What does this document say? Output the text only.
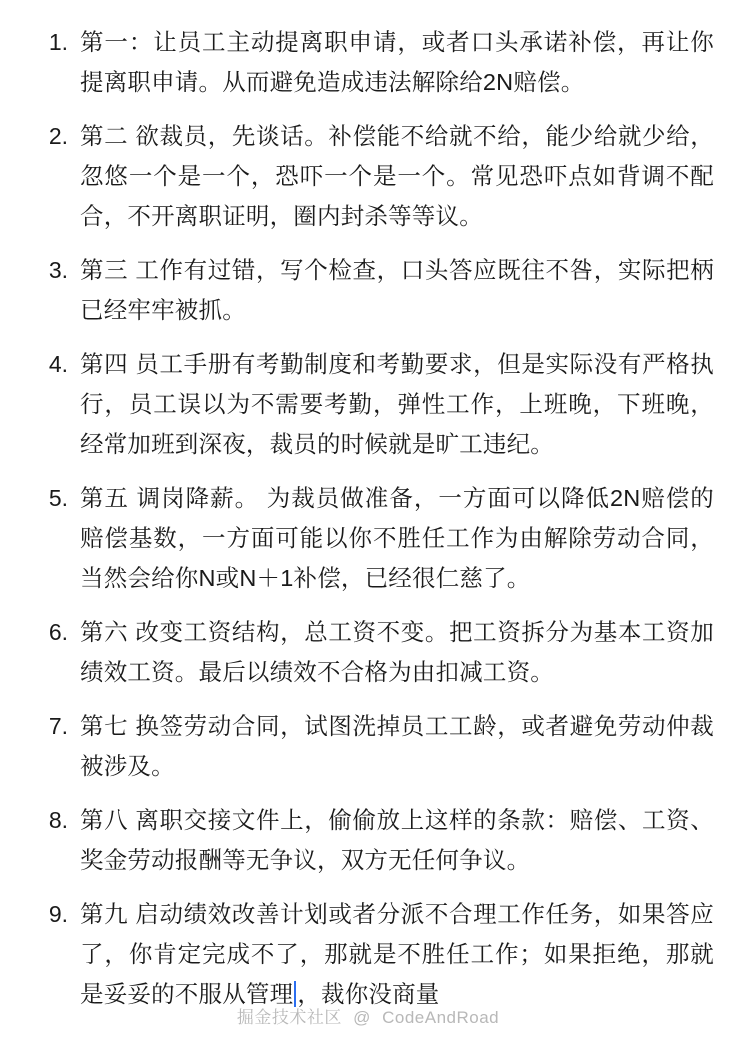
1. 第一：让员工主动提离职申请，或者口头承诺补偿，再让你提离职申请。从而避免造成违法解除给2N赔偿。
2. 第二 欲裁员，先谈话。补偿能不给就不给，能少给就少给，忽悠一个是一个，恐吓一个是一个。常见恐吓点如背调不配合，不开离职证明，圈内封杀等等议。
3. 第三 工作有过错，写个检查，口头答应既往不咎，实际把柄已经牢牢被抓。
4. 第四 员工手册有考勤制度和考勤要求，但是实际没有严格执行，员工误以为不需要考勤，弹性工作，上班晚，下班晚，经常加班到深夜，裁员的时候就是旷工违纪。
5. 第五 调岗降薪。 为裁员做准备，一方面可以降低2N赔偿的赔偿基数，一方面可能以你不胜任工作为由解除劳动合同，当然会给你N或N＋1补偿，已经很仁慈了。
6. 第六 改变工资结构，总工资不变。把工资拆分为基本工资加绩效工资。最后以绩效不合格为由扣减工资。
7. 第七 换签劳动合同，试图洗掉员工工龄，或者避免劳动仲裁被涉及。
8. 第八 离职交接文件上，偷偷放上这样的条款：赔偿、工资、奖金劳动报酬等无争议，双方无任何争议。
9. 第九 启动绩效改善计划或者分派不合理工作任务，如果答应了，你肯定完成不了，那就是不胜任工作；如果拒绝，那就是妥妥的不服从管理 ，裁你没商量
掘金技术社区 @ CodeAndRoad
